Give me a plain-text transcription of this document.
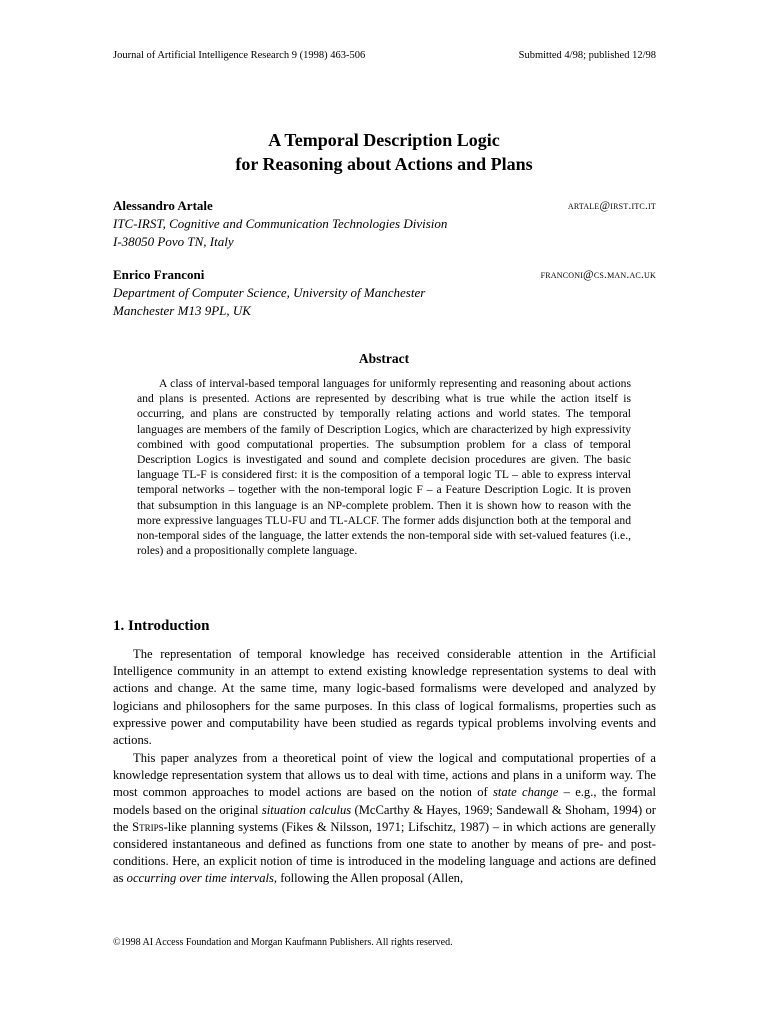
Journal of Artificial Intelligence Research 9 (1998) 463-506	Submitted 4/98; published 12/98
A Temporal Description Logic
for Reasoning about Actions and Plans
Alessandro Artale	artale@irst.itc.it
ITC-IRST, Cognitive and Communication Technologies Division
I-38050 Povo TN, Italy
Enrico Franconi	franconi@cs.man.ac.uk
Department of Computer Science, University of Manchester
Manchester M13 9PL, UK
Abstract
A class of interval-based temporal languages for uniformly representing and reasoning about actions and plans is presented. Actions are represented by describing what is true while the action itself is occurring, and plans are constructed by temporally relating actions and world states. The temporal languages are members of the family of Description Logics, which are characterized by high expressivity combined with good computational properties. The subsumption problem for a class of temporal Description Logics is investigated and sound and complete decision procedures are given. The basic language TL-F is considered first: it is the composition of a temporal logic TL – able to express interval temporal networks – together with the non-temporal logic F – a Feature Description Logic. It is proven that subsumption in this language is an NP-complete problem. Then it is shown how to reason with the more expressive languages TLU-FU and TL-ALCF. The former adds disjunction both at the temporal and non-temporal sides of the language, the latter extends the non-temporal side with set-valued features (i.e., roles) and a propositionally complete language.
1. Introduction
The representation of temporal knowledge has received considerable attention in the Artificial Intelligence community in an attempt to extend existing knowledge representation systems to deal with actions and change. At the same time, many logic-based formalisms were developed and analyzed by logicians and philosophers for the same purposes. In this class of logical formalisms, properties such as expressive power and computability have been studied as regards typical problems involving events and actions.
This paper analyzes from a theoretical point of view the logical and computational properties of a knowledge representation system that allows us to deal with time, actions and plans in a uniform way. The most common approaches to model actions are based on the notion of state change – e.g., the formal models based on the original situation calculus (McCarthy & Hayes, 1969; Sandewall & Shoham, 1994) or the Strips-like planning systems (Fikes & Nilsson, 1971; Lifschitz, 1987) – in which actions are generally considered instantaneous and defined as functions from one state to another by means of pre- and post-conditions. Here, an explicit notion of time is introduced in the modeling language and actions are defined as occurring over time intervals, following the Allen proposal (Allen,
©1998 AI Access Foundation and Morgan Kaufmann Publishers. All rights reserved.
